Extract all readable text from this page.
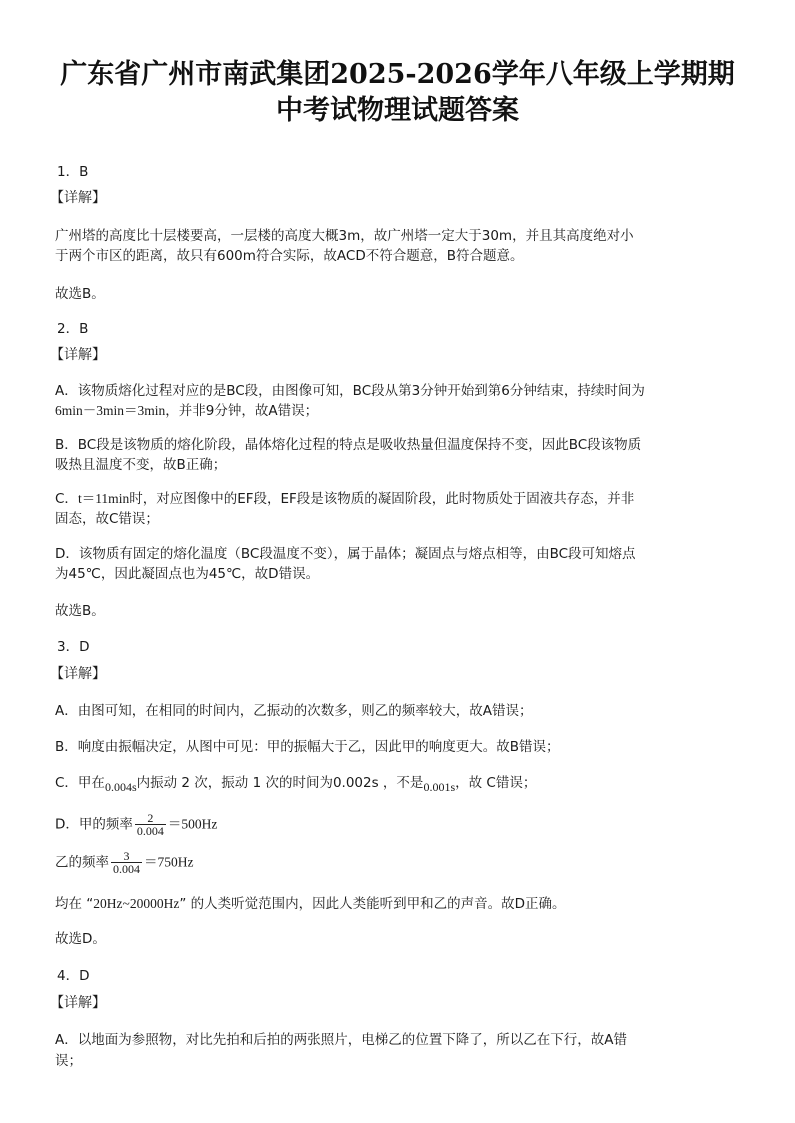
广东省广州市南武集团2025-2026学年八年级上学期期
中考试物理试题答案
1．B
【详解】
广州塔的高度比十层楼要高，一层楼的高度大概3m，故广州塔一定大于30m，并且其高度绝对小
于两个市区的距离，故只有600m符合实际，故ACD不符合题意，B符合题意。
故选B。
2．B
【详解】
A．该物质熔化过程对应的是BC段，由图像可知，BC段从第3分钟开始到第6分钟结束，持续时间为
6min－3min＝3min，并非9分钟，故A错误；
B．BC段是该物质的熔化阶段，晶体熔化过程的特点是吸收热量但温度保持不变，因此BC段该物质
吸热且温度不变，故B正确；
C．t＝11min时，对应图像中的EF段，EF段是该物质的凝固阶段，此时物质处于固液共存态，并非
固态，故C错误；
D．该物质有固定的熔化温度（BC段温度不变），属于晶体；凝固点与熔点相等，由BC段可知熔点
为45℃，因此凝固点也为45℃，故D错误。
故选B。
3．D
【详解】
A．由图可知，在相同的时间内，乙振动的次数多，则乙的频率较大，故A错误；
B．响度由振幅决定，从图中可见：甲的振幅大于乙，因此甲的响度更大。故B错误；
C．甲在0.004s内振动 2 次，振动 1 次的时间为0.002s ，不是0.001s，故 C错误；
D．甲的频率 $\frac{2}{0.004} =500Hz$
乙的频率 $\frac{3}{0.004} =750Hz$
均在 “20Hz~20000Hz” 的人类听觉范围内，因此人类能听到甲和乙的声音。故D正确。
故选D。
4．D
【详解】
A．以地面为参照物，对比先拍和后拍的两张照片，电梯乙的位置下降了，所以乙在下行，故A错
误；
